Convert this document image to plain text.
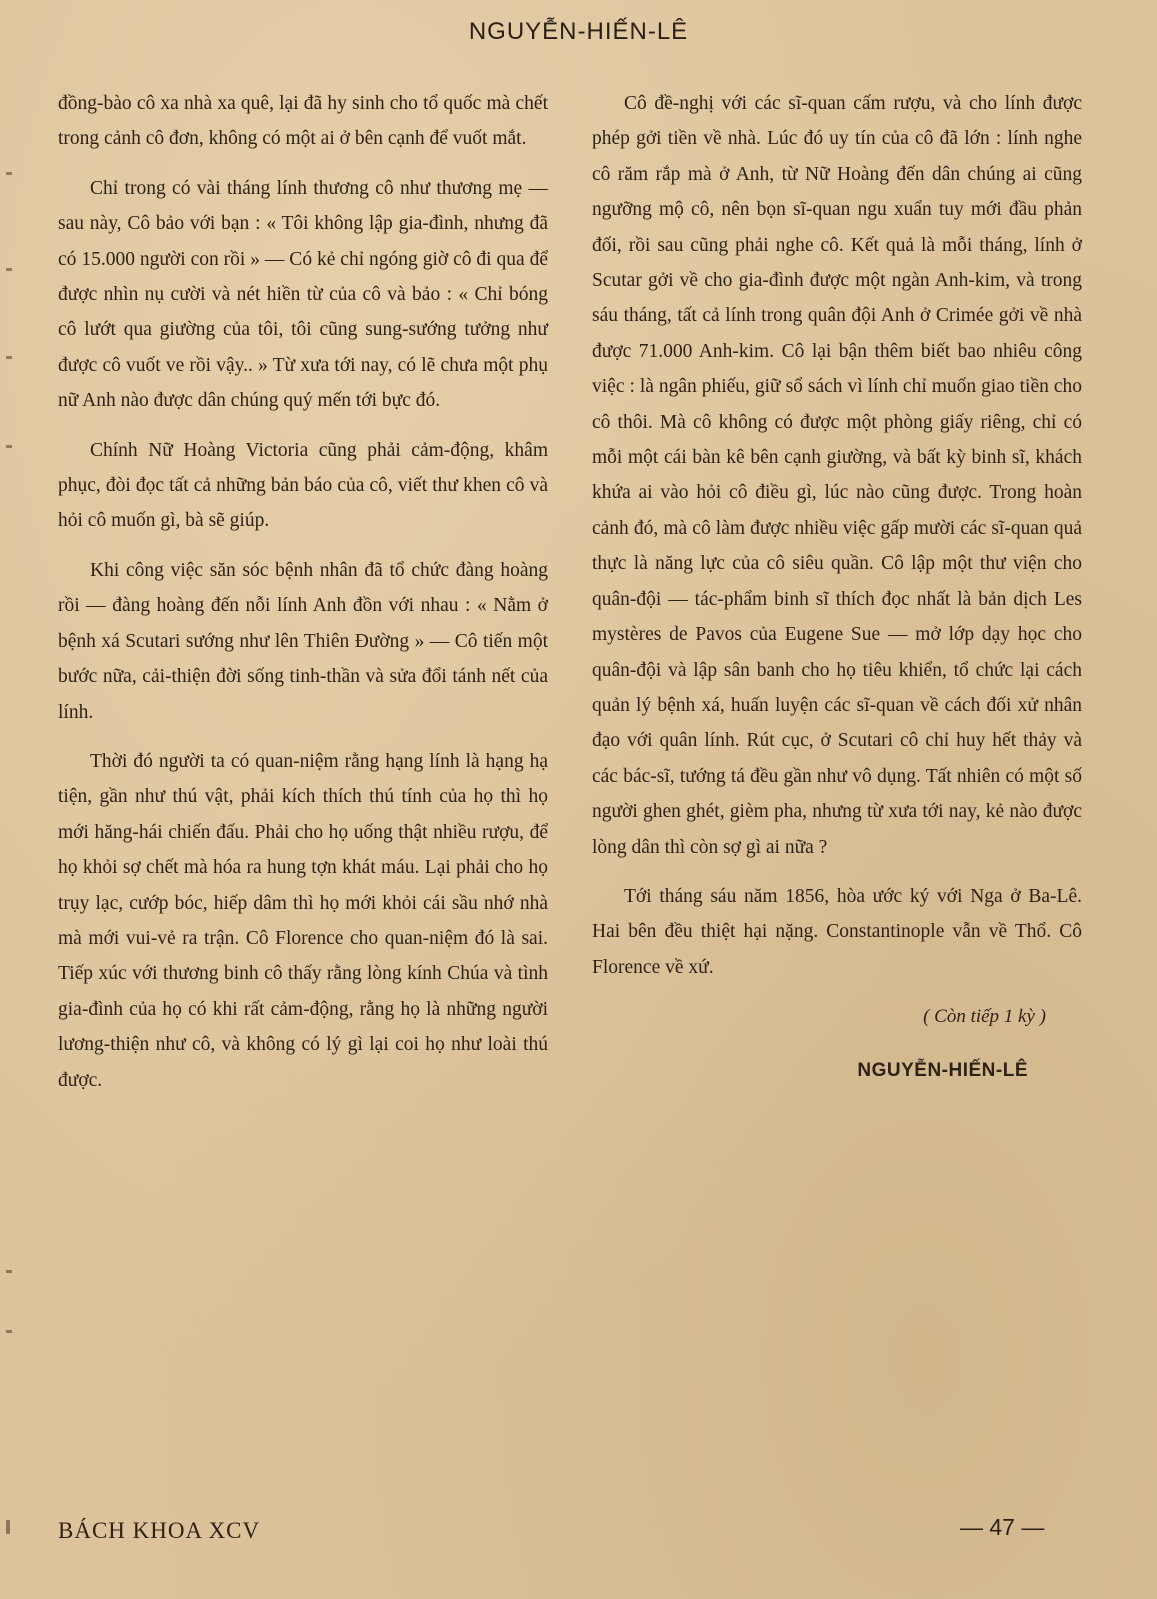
NGUYỄN-HIẾN-LÊ

đồng-bào cô xa nhà xa quê, lại đã hy sinh cho tổ quốc mà chết trong cảnh cô đơn, không có một ai ở bên cạnh để vuốt mắt.

Chỉ trong có vài tháng lính thương cô như thương mẹ — sau này, Cô bảo với bạn : « Tôi không lập gia-đình, nhưng đã có 15.000 người con rồi » — Có kẻ chỉ ngóng giờ cô đi qua để được nhìn nụ cười và nét hiền từ của cô và bảo : « Chỉ bóng cô lướt qua giường của tôi, tôi cũng sung-sướng tưởng như được cô vuốt ve rồi vậy.. » Từ xưa tới nay, có lẽ chưa một phụ nữ Anh nào được dân chúng quý mến tới bực đó.

Chính Nữ Hoàng Victoria cũng phải cảm-động, khâm phục, đòi đọc tất cả những bản báo của cô, viết thư khen cô và hỏi cô muốn gì, bà sẽ giúp.

Khi công việc săn sóc bệnh nhân đã tổ chức đàng hoàng rồi — đàng hoàng đến nỗi lính Anh đồn với nhau : « Nằm ở bệnh xá Scutari sướng như lên Thiên Đường » — Cô tiến một bước nữa, cải-thiện đời sống tinh-thần và sửa đổi tánh nết của lính.

Thời đó người ta có quan-niệm rằng hạng lính là hạng hạ tiện, gần như thú vật, phải kích thích thú tính của họ thì họ mới hăng-hái chiến đấu. Phải cho họ uống thật nhiều rượu, để họ khỏi sợ chết mà hóa ra hung tợn khát máu. Lại phải cho họ trụy lạc, cướp bóc, hiếp dâm thì họ mới khỏi cái sầu nhớ nhà mà mới vui-vẻ ra trận. Cô Florence cho quan-niệm đó là sai. Tiếp xúc với thương binh cô thấy rằng lòng kính Chúa và tình gia-đình của họ có khi rất cảm-động, rằng họ là những người lương-thiện như cô, và không có lý gì lại coi họ như loài thú được.

Cô đề-nghị với các sĩ-quan cấm rượu, và cho lính được phép gởi tiền về nhà. Lúc đó uy tín của cô đã lớn : lính nghe cô răm rắp mà ở Anh, từ Nữ Hoàng đến dân chúng ai cũng ngưỡng mộ cô, nên bọn sĩ-quan ngu xuẩn tuy mới đầu phản đối, rồi sau cũng phải nghe cô. Kết quả là mỗi tháng, lính ở Scutar gởi về cho gia-đình được một ngàn Anh-kim, và trong sáu tháng, tất cả lính trong quân đội Anh ở Crimée gởi về nhà được 71.000 Anh-kim. Cô lại bận thêm biết bao nhiêu công việc : là ngân phiếu, giữ sổ sách vì lính chỉ muốn giao tiền cho cô thôi. Mà cô không có được một phòng giấy riêng, chỉ có mỗi một cái bàn kê bên cạnh giường, và bất kỳ binh sĩ, khách khứa ai vào hỏi cô điều gì, lúc nào cũng được. Trong hoàn cảnh đó, mà cô làm được nhiều việc gấp mười các sĩ-quan quả thực là năng lực của cô siêu quần. Cô lập một thư viện cho quân-đội — tác-phẩm binh sĩ thích đọc nhất là bản dịch Les mystères de Pavos của Eugene Sue — mở lớp dạy học cho quân-đội và lập sân banh cho họ tiêu khiển, tổ chức lại cách quản lý bệnh xá, huấn luyện các sĩ-quan về cách đối xử nhân đạo với quân lính. Rút cục, ở Scutari cô chỉ huy hết thảy và các bác-sĩ, tướng tá đều gần như vô dụng. Tất nhiên có một số người ghen ghét, gièm pha, nhưng từ xưa tới nay, kẻ nào được lòng dân thì còn sợ gì ai nữa ?

Tới tháng sáu năm 1856, hòa ước ký với Nga ở Ba-Lê. Hai bên đều thiệt hại nặng. Constantinople vẫn về Thổ. Cô Florence về xứ.

( Còn tiếp 1 kỳ )
NGUYỄN-HIẾN-LÊ
BÁCH KHOA XCV	— 47 —
